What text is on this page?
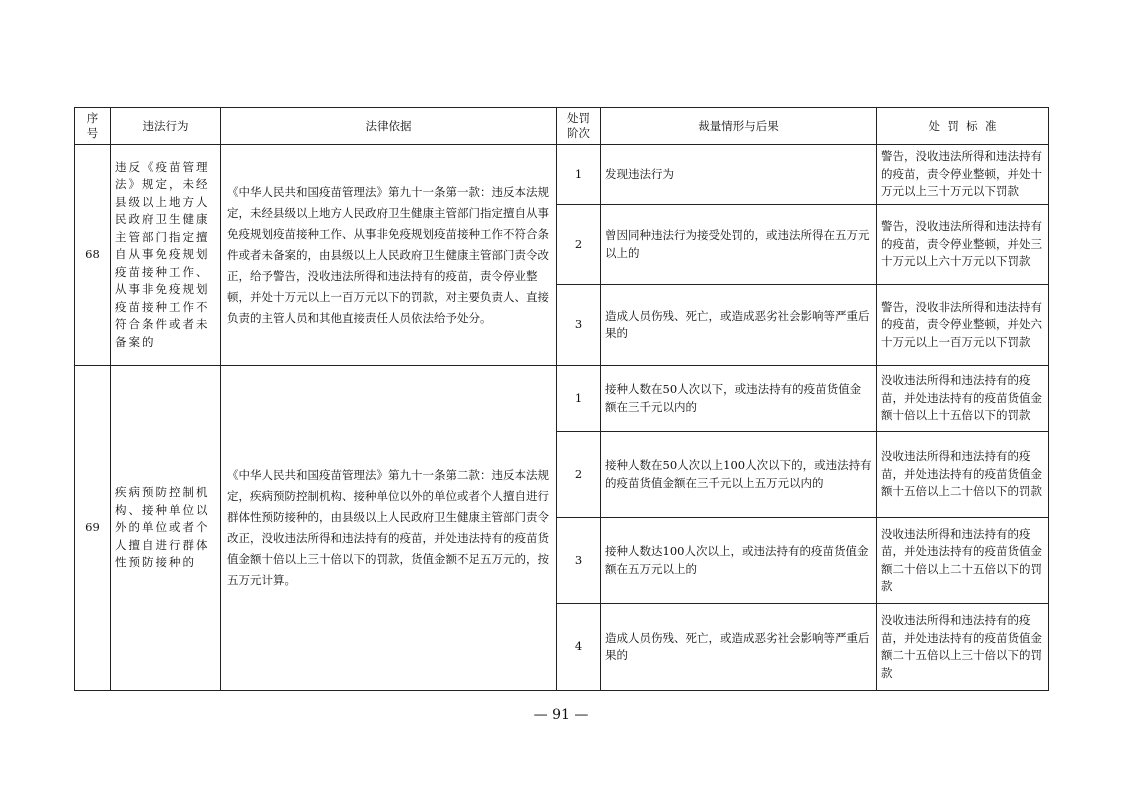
序
号	违法行为	法律依据	处罚
阶次	裁量情形与后果	处  罚  标  准
68	违反《疫苗管理法》规定，未经县级以上地方人民政府卫生健康主管部门指定擅自从事免疫规划疫苗接种工作、从事非免疫规划疫苗接种工作不符合条件或者未备案的	《中华人民共和国疫苗管理法》第九十一条第一款：违反本法规定，未经县级以上地方人民政府卫生健康主管部门指定擅自从事免疫规划疫苗接种工作、从事非免疫规划疫苗接种工作不符合条件或者未备案的，由县级以上人民政府卫生健康主管部门责令改正，给予警告，没收违法所得和违法持有的疫苗，责令停业整顿，并处十万元以上一百万元以下的罚款，对主要负责人、直接负责的主管人员和其他直接责任人员依法给予处分。	1	发现违法行为	警告，没收违法所得和违法持有的疫苗，责令停业整顿，并处十万元以上三十万元以下罚款
			2	曾因同种违法行为接受处罚的，或违法所得在五万元以上的	警告，没收违法所得和违法持有的疫苗，责令停业整顿，并处三十万元以上六十万元以下罚款
			3	造成人员伤残、死亡，或造成恶劣社会影响等严重后果的	警告，没收非法所得和违法持有的疫苗，责令停业整顿，并处六十万元以上一百万元以下罚款
69	疾病预防控制机构、接种单位以外的单位或者个人擅自进行群体性预防接种的	《中华人民共和国疫苗管理法》第九十一条第二款：违反本法规定，疾病预防控制机构、接种单位以外的单位或者个人擅自进行群体性预防接种的，由县级以上人民政府卫生健康主管部门责令改正，没收违法所得和违法持有的疫苗，并处违法持有的疫苗货值金额十倍以上三十倍以下的罚款，货值金额不足五万元的，按五万元计算。	1	接种人数在50人次以下，或违法持有的疫苗货值金额在三千元以内的	没收违法所得和违法持有的疫苗，并处违法持有的疫苗货值金额十倍以上十五倍以下的罚款
			2	接种人数在50人次以上100人次以下的，或违法持有的疫苗货值金额在三千元以上五万元以内的	没收违法所得和违法持有的疫苗，并处违法持有的疫苗货值金额十五倍以上二十倍以下的罚款
			3	接种人数达100人次以上，或违法持有的疫苗货值金额在五万元以上的	没收违法所得和违法持有的疫苗，并处违法持有的疫苗货值金额二十倍以上二十五倍以下的罚款
			4	造成人员伤残、死亡，或造成恶劣社会影响等严重后果的	没收违法所得和违法持有的疫苗，并处违法持有的疫苗货值金额二十五倍以上三十倍以下的罚款
— 91 —
